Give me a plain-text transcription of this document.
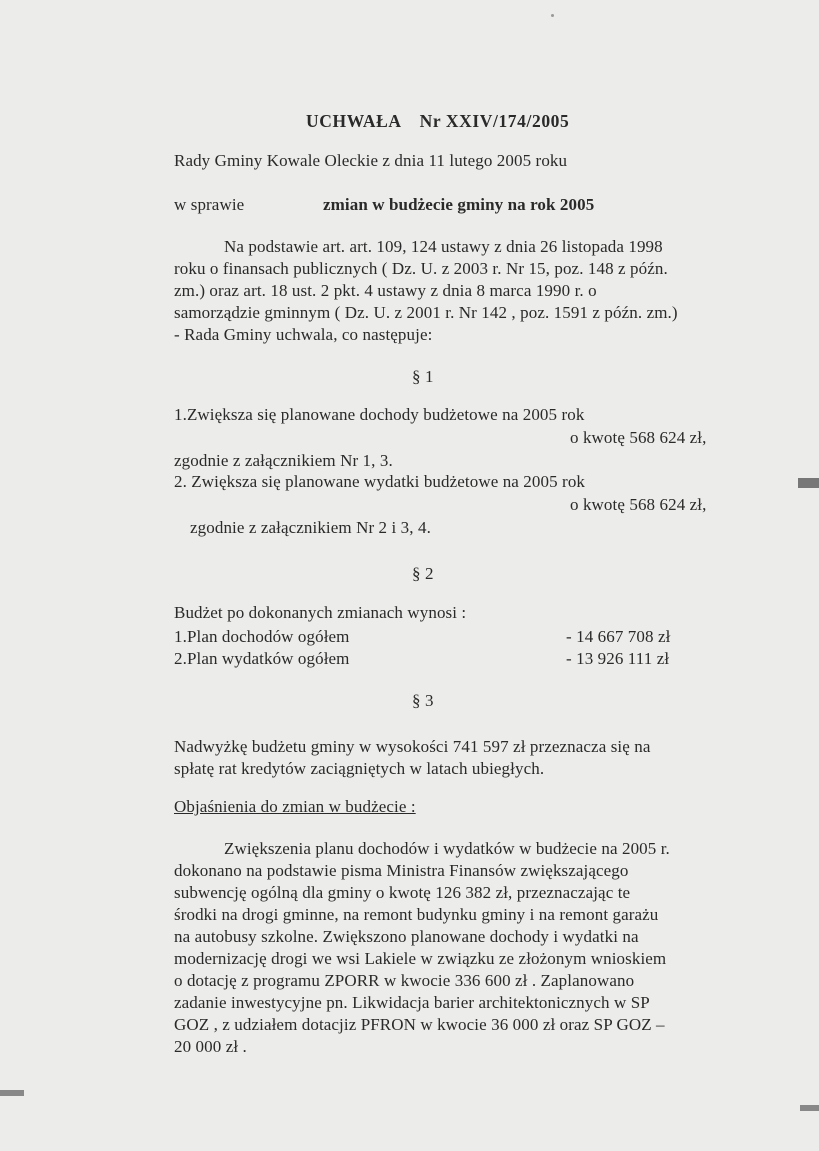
UCHWAŁA Nr XXIV/174/2005
Rady Gminy Kowale Oleckie z dnia 11 lutego 2005 roku
w sprawie	zmian w budżecie gminy na rok 2005
Na podstawie art. art. 109, 124 ustawy z dnia 26 listopada 1998
roku o finansach publicznych ( Dz. U. z 2003 r. Nr 15, poz. 148 z późn.
zm.) oraz art. 18 ust. 2 pkt. 4 ustawy z dnia 8 marca 1990 r. o
samorządzie gminnym ( Dz. U. z 2001 r. Nr 142 , poz. 1591 z późn. zm.)
- Rada Gminy uchwala, co następuje:
§ 1
1.Zwiększa się planowane dochody budżetowe na 2005 rok
o kwotę 568 624 zł,
zgodnie z załącznikiem Nr 1, 3.
2. Zwiększa się planowane wydatki budżetowe na 2005 rok
o kwotę 568 624 zł,
zgodnie z załącznikiem Nr 2 i 3, 4.
§ 2
Budżet po dokonanych zmianach wynosi :
1.Plan dochodów ogółem	- 14 667 708 zł
2.Plan wydatków ogółem	- 13 926 111 zł
§ 3
Nadwyżkę budżetu gminy w wysokości 741 597 zł przeznacza się na
spłatę rat kredytów zaciągniętych w latach ubiegłych.
Objaśnienia do zmian w budżecie :
Zwiększenia planu dochodów i wydatków w budżecie na 2005 r.
dokonano na podstawie pisma Ministra Finansów zwiększającego
subwencję ogólną dla gminy o kwotę 126 382 zł, przeznaczając te
środki na drogi gminne, na remont budynku gminy i na remont garażu
na autobusy szkolne. Zwiększono planowane dochody i wydatki na
modernizację drogi we wsi Lakiele w związku ze złożonym wnioskiem
o dotację z programu ZPORR w kwocie 336 600 zł . Zaplanowano
zadanie inwestycyjne pn. Likwidacja barier architektonicznych w SP
GOZ , z udziałem dotacjiz PFRON w kwocie 36 000 zł oraz SP GOZ –
20 000 zł .
